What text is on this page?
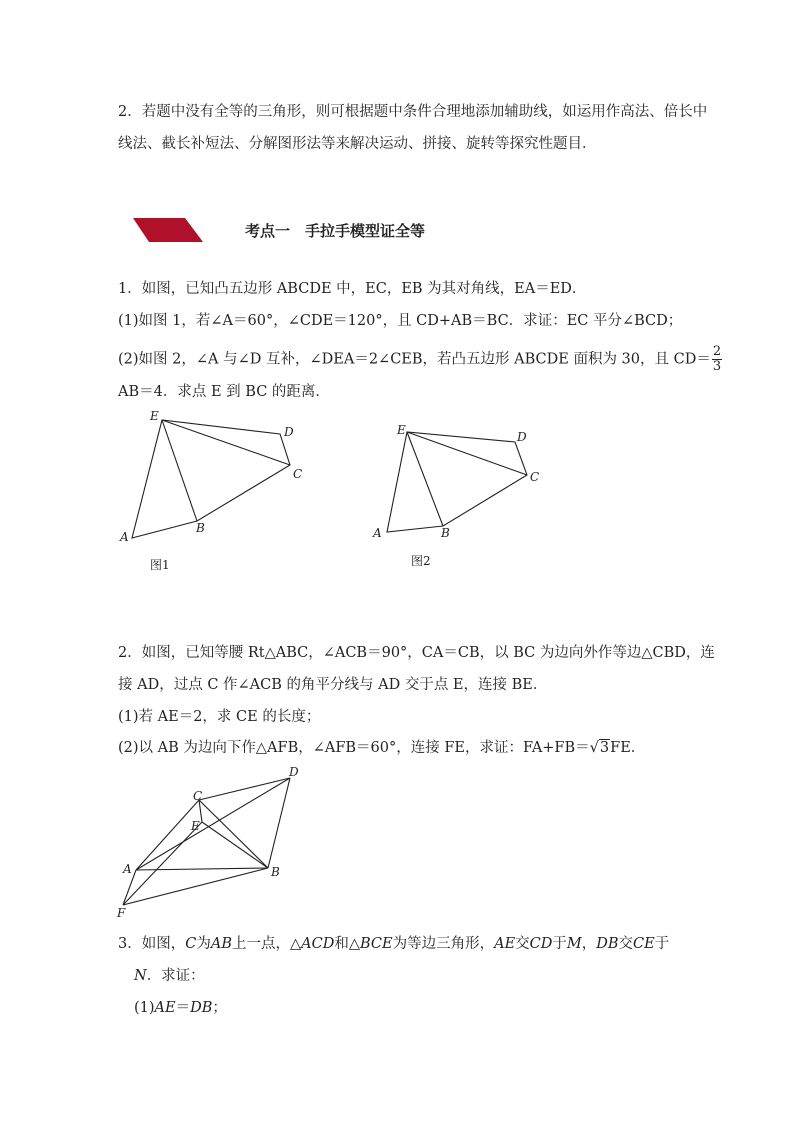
2．若题中没有全等的三角形，则可根据题中条件合理地添加辅助线，如运用作高法、倍长中
线法、截长补短法、分解图形法等来解决运动、拼接、旋转等探究性题目．
考点一　手拉手模型证全等
1．如图，已知凸五边形 ABCDE 中，EC，EB 为其对角线，EA＝ED．
(1)如图 1，若∠A＝60°，∠CDE＝120°，且 CD+AB＝BC．求证：EC 平分∠BCD；
(2)如图 2，∠A 与∠D 互补，∠DEA＝2∠CEB，若凸五边形 ABCDE 面积为 30，且 $CD= \frac{2}{3}$
AB＝4．求点 E 到 BC 的距离．
E
D
C
B
A
图1
E	D
C
B
A
图2
2．如图，已知等腰 Rt△ABC，∠ACB＝90°，CA＝CB，以 BC 为边向外作等边△CBD，连
接 AD，过点 C 作∠ACB 的角平分线与 AD 交于点 E，连接 BE．
(1)若 AE＝2，求 CE 的长度；
(2)以 AB 为边向下作△AFB，∠AFB＝60°，连接 FE，求证：FA+FB＝√3FE．
D
C
E
A	B
F
3．如图，C为AB上一点，△ACD和△BCE为等边三角形，AE交CD于M，DB交CE于
N．求证：
(1)AE＝DB；
